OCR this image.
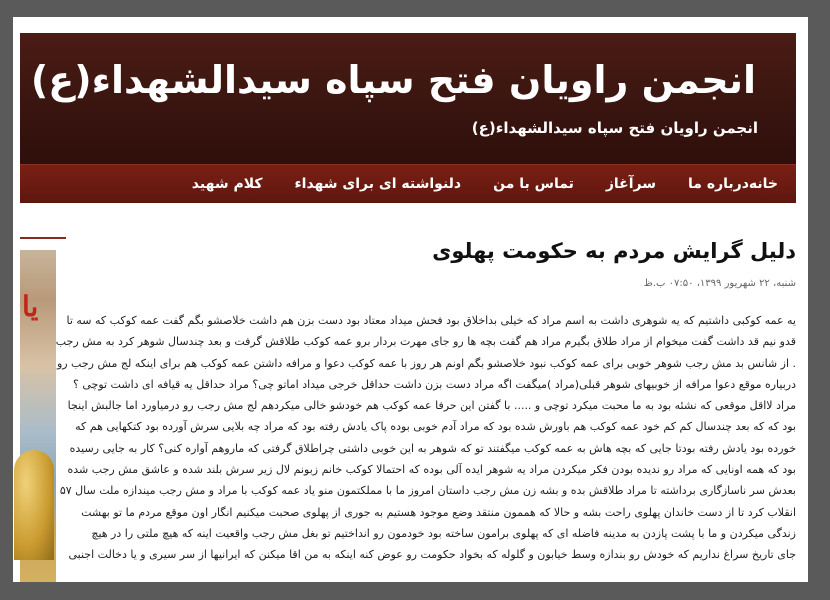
انجمن راویان فتح سپاه سیدالشهداء(ع)
انجمن راویان فتح سپاه سیدالشهداء(ع)
خانه
درباره ما
سرآغاز
تماس با من
دلنواشته ای برای شهداء
کلام شهید
یا
دلیل گرایش مردم به حکومت پهلوی
شنبه، ۲۲ شهریور ۱۳۹۹، ۰۷:۵۰ ب.ظ

یه عمه کوکبی داشتیم که یه شوهری داشت به اسم مراد که خیلی بداخلاق بود فحش میداد معتاد بود دست بزن هم داشت خلاصشو بگم گفت عمه کوکب که سه تا

قدو نیم قد داشت گفت میخوام از مراد طلاق بگیرم مراد هم گفت بچه ها رو جای مهرت بردار برو عمه کوکب طلاقش گرفت و بعد چندسال شوهر کرد به مش رجب

. از شانس بد مش رجب شوهر خوبی برای عمه کوکب نبود خلاصشو بگم اونم هر روز با عمه کوکب دعوا و مرافه داشتن عمه کوکب هم برای اینکه لج مش رجب رو

دربیاره موقع دعوا مرافه از خوبیهای شوهر قبلی(مراد )میگفت اگه مراد دست بزن داشت حداقل خرجی میداد اماتو چی؟ مراد حداقل یه قیافه ای داشت توچی ؟

مراد لااقل موقعی که نشئه بود به ما محبت میکرد توچی و ..... با گفتن این حرفا عمه کوکب هم خودشو خالی میکردهم لج مش رجب رو درمیاورد اما جالبش اینجا

بود که که بعد چندسال کم کم خود عمه کوکب هم باورش شده بود که مراد آدم خوبی بوده پاک یادش رفته بود که مراد چه بلایی سرش آورده بود کتکهایی هم که

خورده بود یادش رفته بودتا جایی که بچه هاش به عمه کوکب میگفتند تو که شوهر به این خوبی داشتی چراطلاق گرفتی که ماروهم آواره کنی؟ کار به جایی رسیده

بود که همه اونایی که مراد رو ندیده بودن فکر میکردن مراد یه شوهر ایده آلی بوده که احتمالا کوکب خانم زبونم لال زیر سرش بلند شده و عاشق مش رجب شده

بعدش سر ناسازگاری برداشته تا مراد طلاقش بده و بشه زن مش رجب داستان امروز ما با مملکتمون منو یاد عمه کوکب با مراد و مش رجب میندازه ملت سال ۵۷

انقلاب کرد تا از دست خاندان پهلوی راحت بشه و حالا که هممون منتقد وضع موجود هستیم به جوری از پهلوی صحبت میکنیم انگار اون موقع مردم ما تو بهشت

زندگی میکردن و ما با پشت پازدن به مدینه فاضله ای که پهلوی برامون ساخته بود خودمون رو انداختیم تو بغل مش رجب واقعیت اینه که هیچ ملتی را در هیچ

جای تاریخ سراغ نداریم که خودش رو بندازه وسط خیابون و گلوله که بخواد حکومت رو عوض کنه اینکه به من اقا میکنن که ایرانیها از سر سیری و یا دخالت اجنبی
